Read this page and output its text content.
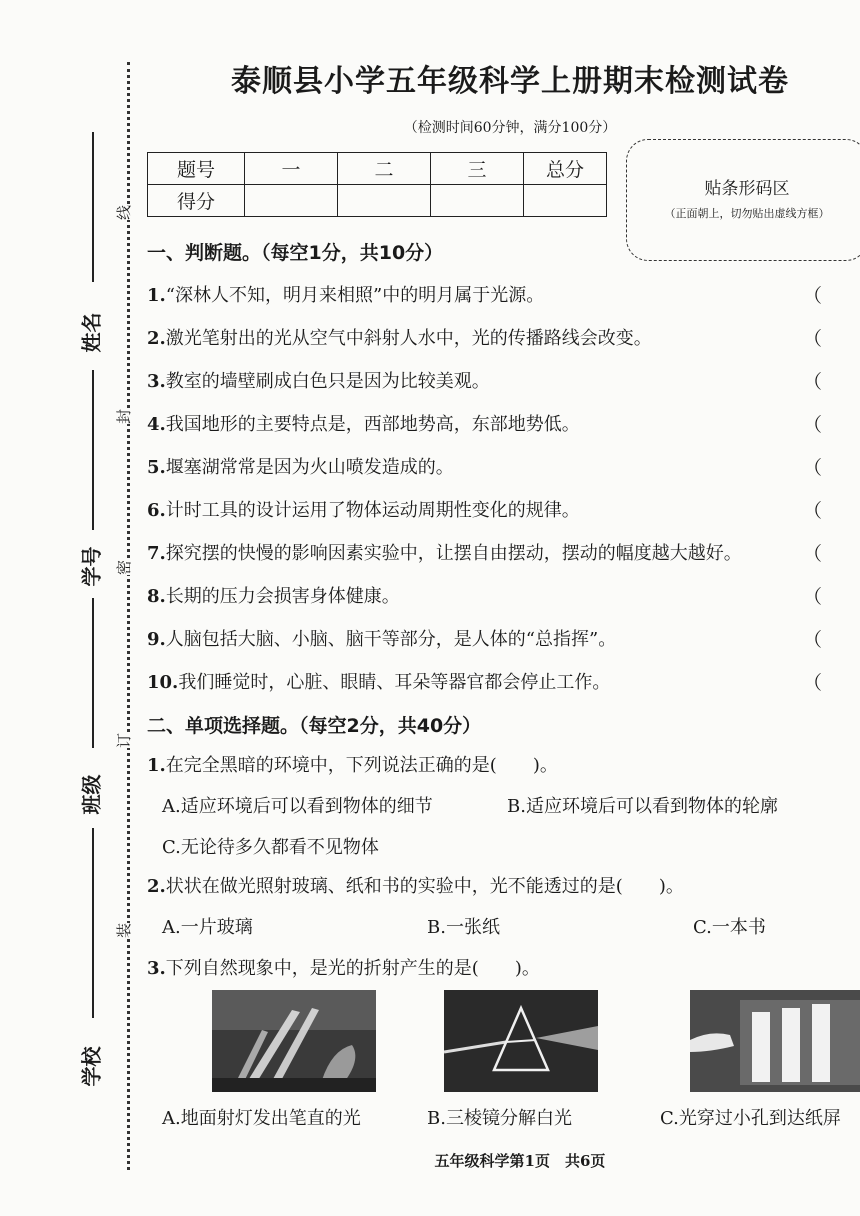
姓名
学号
班级
学校
线
封
密
订
装
泰顺县小学五年级科学上册期末检测试卷
（检测时间60分钟，满分100分）
题号	一	二	三	总分
得分				
贴条形码区
（正面朝上，切勿贴出虚线方框）
一、判断题。（每空1分，共10分）
1.“深林人不知，明月来相照”中的明月属于光源。	（
2.激光笔射出的光从空气中斜射人水中，光的传播路线会改变。	（
3.教室的墙壁刷成白色只是因为比较美观。	（
4.我国地形的主要特点是，西部地势高，东部地势低。	（
5.堰塞湖常常是因为火山喷发造成的。	（
6.计时工具的设计运用了物体运动周期性变化的规律。	（
7.探究摆的快慢的影响因素实验中，让摆自由摆动，摆动的幅度越大越好。	（
8.长期的压力会损害身体健康。	（
9.人脑包括大脑、小脑、脑干等部分，是人体的“总指挥”。	（
10.我们睡觉时，心脏、眼睛、耳朵等器官都会停止工作。	（
二、单项选择题。（每空2分，共40分）
1.在完全黑暗的环境中，下列说法正确的是(　　)。
A.适应环境后可以看到物体的细节	B.适应环境后可以看到物体的轮廓
C.无论待多久都看不见物体
2.状状在做光照射玻璃、纸和书的实验中，光不能透过的是(　　)。
A.一片玻璃	B.一张纸	C.一本书
3.下列自然现象中，是光的折射产生的是(　　)。
A.地面射灯发出笔直的光	B.三棱镜分解白光	C.光穿过小孔到达纸屏
五年级科学第1页　共6页
